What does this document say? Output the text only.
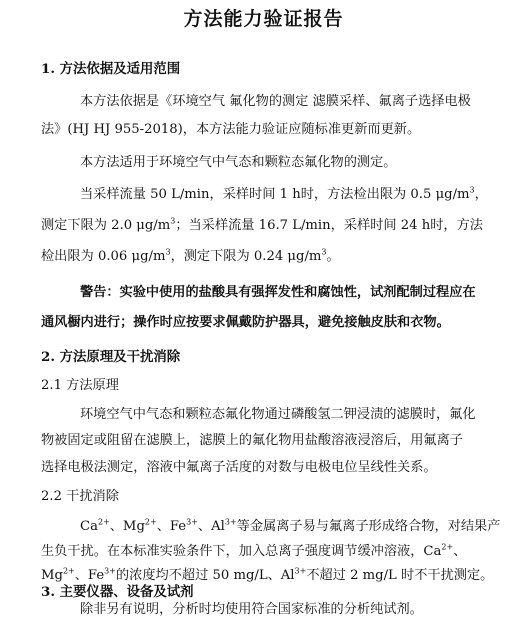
方法能力验证报告
1. 方法依据及适用范围
本方法依据是《环境空气 氟化物的测定 滤膜采样、氟离子选择电极
法》(HJ HJ 955-2018)，本方法能力验证应随标准更新而更新。
本方法适用于环境空气中气态和颗粒态氟化物的测定。
当采样流量 50 L/min，采样时间 1 h时，方法检出限为 0.5 $\mu g/m^3$，
测定下限为 2.0 $\mu g/m^3$；当采样流量 16.7 L/min，采样时间 24 h时，方法
检出限为 0.06 $\mu g/m^3$，测定下限为 0.24 $\mu g/m^3$。
警告：实验中使用的盐酸具有强挥发性和腐蚀性，试剂配制过程应在
通风橱内进行；操作时应按要求佩戴防护器具，避免接触皮肤和衣物。
2. 方法原理及干扰消除
2.1 方法原理
环境空气中气态和颗粒态氟化物通过磷酸氢二钾浸渍的滤膜时，氟化
物被固定或阻留在滤膜上，滤膜上的氟化物用盐酸溶液浸溶后，用氟离子
选择电极法测定，溶液中氟离子活度的对数与电极电位呈线性关系。
2.2 干扰消除
$Ca^{2+}$、$Mg^{2+}$、$Fe^{3+}$、$Al^{3+}$等金属离子易与氟离子形成络合物，对结果产
生负干扰。在本标准实验条件下，加入总离子强度调节缓冲溶液，$Ca^{2+}$、
$Mg^{2+}$、$Fe^{3+}$的浓度均不超过 50 mg/L、$Al^{3+}$不超过 2 mg/L 时不干扰测定。
3. 主要仪器、设备及试剂
除非另有说明，分析时均使用符合国家标准的分析纯试剂。
